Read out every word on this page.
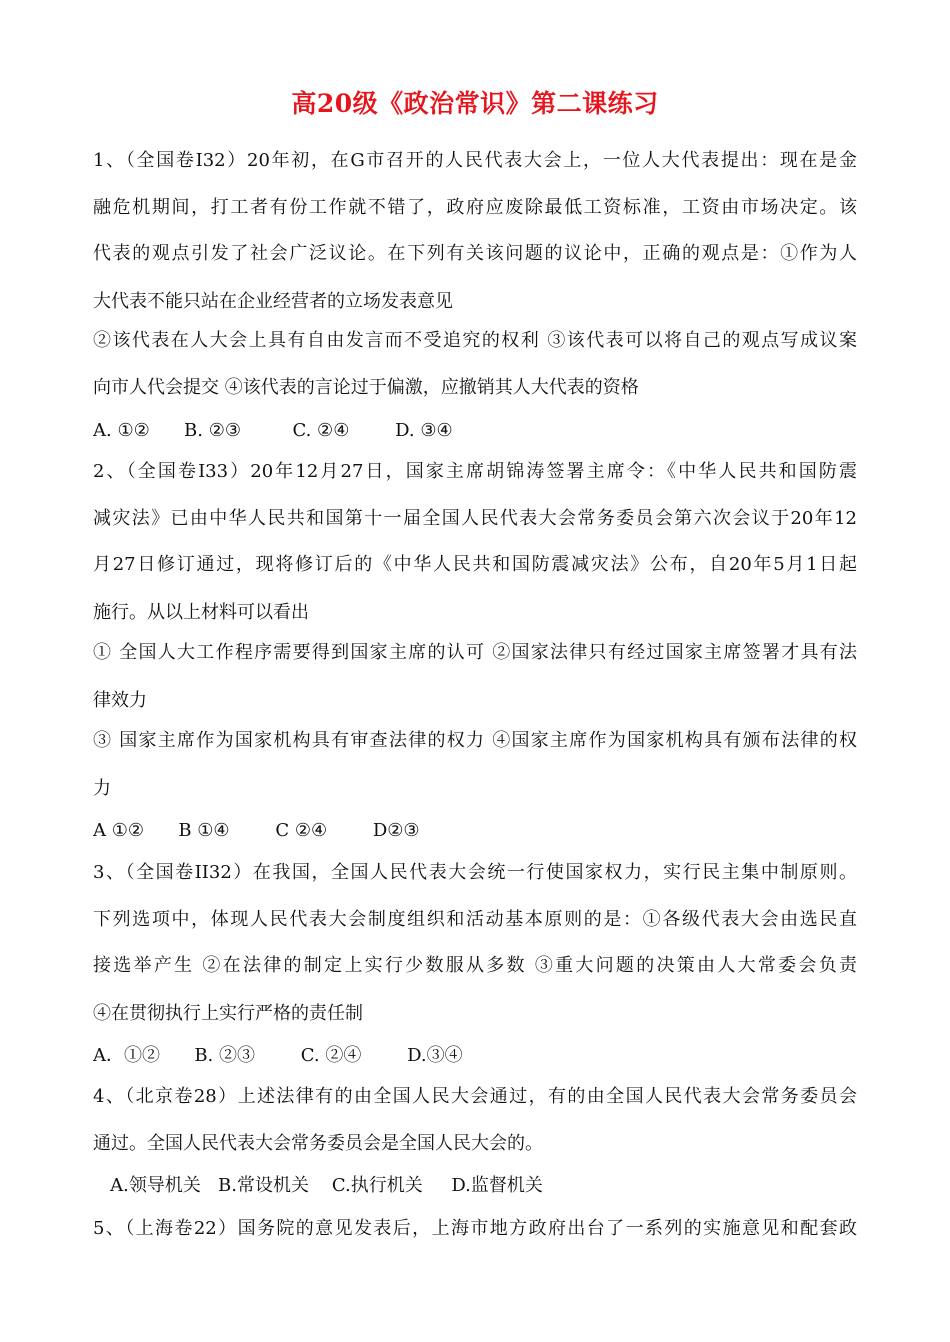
高20级《政治常识》第二课练习
1、（全国卷I32）20年初，在G市召开的人民代表大会上，一位人大代表提出：现在是金
融危机期间，打工者有份工作就不错了，政府应废除最低工资标准，工资由市场决定。该
代表的观点引发了社会广泛议论。在下列有关该问题的议论中，正确的观点是：①作为人
大代表不能只站在企业经营者的立场发表意见
②该代表在人大会上具有自由发言而不受追究的权利 ③该代表可以将自己的观点写成议案
向市人代会提交 ④该代表的言论过于偏激，应撤销其人大代表的资格
A. ①②      B. ②③         C. ②④        D. ③④
2、（全国卷I33）20年12月27日，国家主席胡锦涛签署主席令：《中华人民共和国防震
减灾法》已由中华人民共和国第十一届全国人民代表大会常务委员会第六次会议于20年12
月27日修订通过，现将修订后的《中华人民共和国防震减灾法》公布，自20年5月1日起
施行。从以上材料可以看出
① 全国人大工作程序需要得到国家主席的认可 ②国家法律只有经过国家主席签署才具有法
律效力
③ 国家主席作为国家机构具有审查法律的权力 ④国家主席作为国家机构具有颁布法律的权
力
A ①②      B ①④        C ②④        D②③
3、（全国卷II32）在我国，全国人民代表大会统一行使国家权力，实行民主集中制原则。
下列选项中，体现人民代表大会制度组织和活动基本原则的是：①各级代表大会由选民直
接选举产生 ②在法律的制定上实行少数服从多数 ③重大问题的决策由人大常委会负责
④在贯彻执行上实行严格的责任制
A．①②      B. ②③        C. ②④        D.③④
4、（北京卷28）上述法律有的由全国人民大会通过，有的由全国人民代表大会常务委员会
通过。全国人民代表大会常务委员会是全国人民大会的。
A.领导机关   B.常设机关    C.执行机关     D.监督机关
5、（上海卷22）国务院的意见发表后，上海市地方政府出台了一系列的实施意见和配套政
